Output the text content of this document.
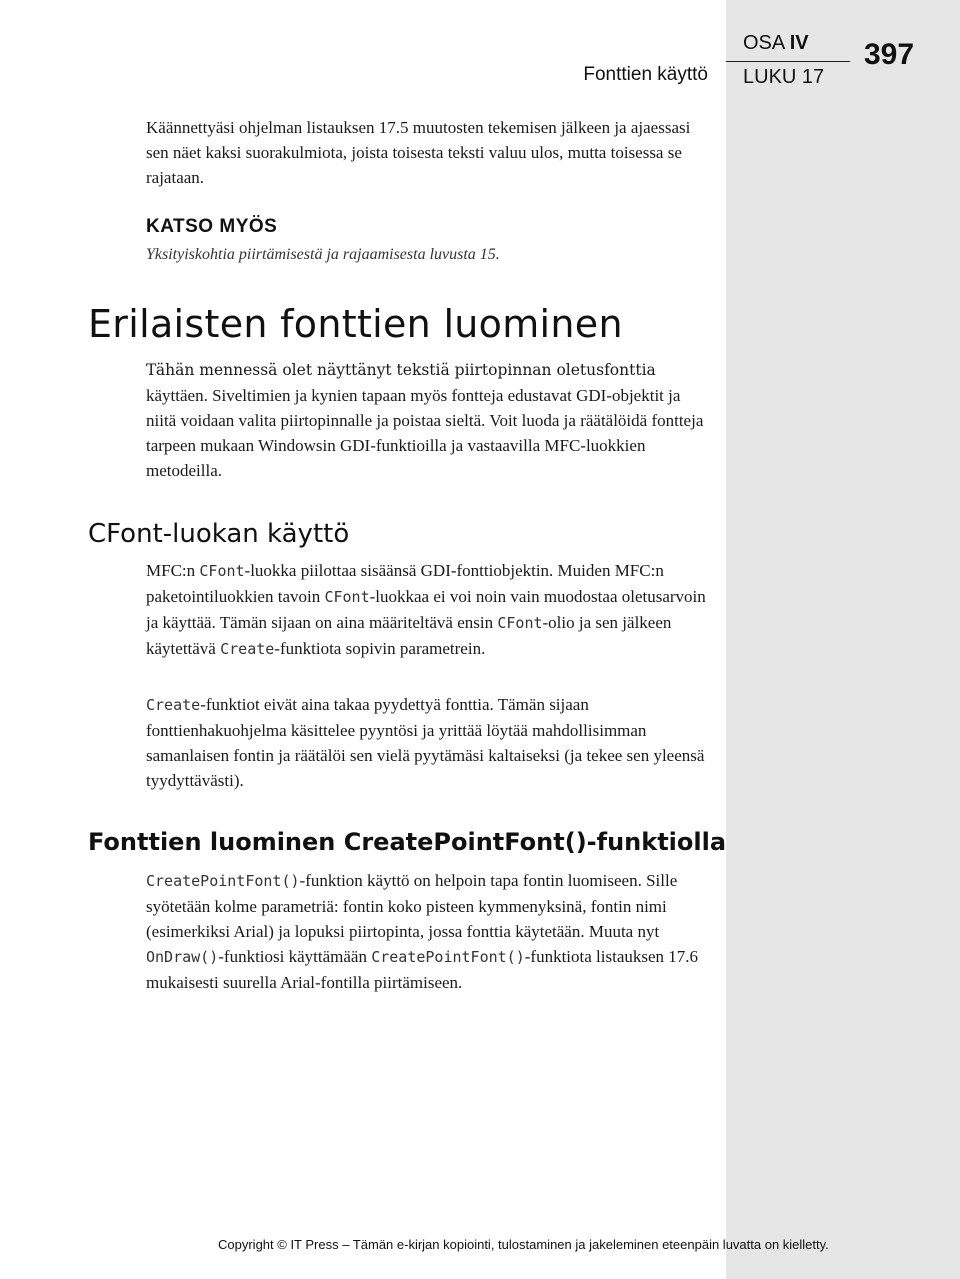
Fonttien käyttö
OSA IV
LUKU 17
397

Käännettyäsi ohjelman listauksen 17.5 muutosten tekemisen jälkeen ja ajaessasi sen näet kaksi suorakulmiota, joista toisesta teksti valuu ulos, mutta toisessa se rajataan.

KATSO MYÖS
Yksityiskohtia piirtämisestä ja rajaamisesta luvusta 15.
Erilaisten fonttien luominen

Tähän mennessä olet näyttänyt tekstiä piirtopinnan oletusfonttia käyttäen. Siveltimien ja kynien tapaan myös fontteja edustavat GDI-objektit ja niitä voidaan valita piirtopinnalle ja poistaa sieltä. Voit luoda ja räätälöidä fontteja tarpeen mukaan Windowsin GDI-funktioilla ja vastaavilla MFC-luokkien metodeilla.

CFont-luokan käyttö

MFC:n CFont-luokka piilottaa sisäänsä GDI-fonttiobjektin. Muiden MFC:n paketointiluokkien tavoin CFont-luokkaa ei voi noin vain muodostaa oletusarvoin ja käyttää. Tämän sijaan on aina määriteltävä ensin CFont-olio ja sen jälkeen käytettävä Create-funktiota sopivin parametrein.

Create-funktiot eivät aina takaa pyydettyä fonttia. Tämän sijaan fonttienhakuohjelma käsittelee pyyntösi ja yrittää löytää mahdollisimman samanlaisen fontin ja räätälöi sen vielä pyytämäsi kaltaiseksi (ja tekee sen yleensä tyydyttävästi).

Fonttien luominen CreatePointFont()-funktiolla

CreatePointFont()-funktion käyttö on helpoin tapa fontin luomiseen. Sille syötetään kolme parametriä: fontin koko pisteen kymmenyksinä, fontin nimi (esimerkiksi Arial) ja lopuksi piirtopinta, jossa fonttia käytetään. Muuta nyt OnDraw()-funktiosi käyttämään CreatePointFont()-funktiota listauksen 17.6 mukaisesti suurella Arial-fontilla piirtämiseen.

Copyright © IT Press – Tämän e-kirjan kopiointi, tulostaminen ja jakeleminen eteenpäin luvatta on kielletty.
